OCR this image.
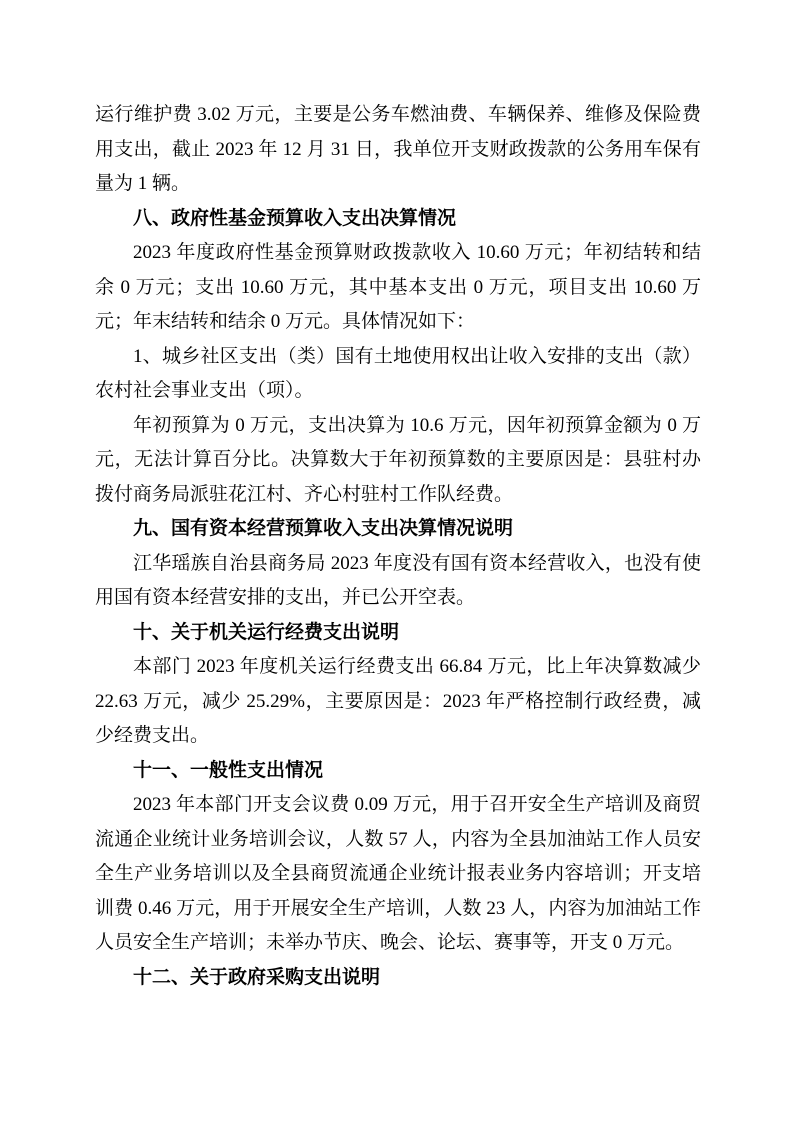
运行维护费 3.02 万元，主要是公务车燃油费、车辆保养、维修及保险费用支出，截止 2023 年 12 月 31 日，我单位开支财政拨款的公务用车保有量为 1 辆。

八、政府性基金预算收入支出决算情况

2023 年度政府性基金预算财政拨款收入 10.60 万元；年初结转和结余 0 万元；支出 10.60 万元，其中基本支出 0 万元，项目支出 10.60 万元；年末结转和结余 0 万元。具体情况如下：

1、城乡社区支出（类）国有土地使用权出让收入安排的支出（款）农村社会事业支出（项）。

年初预算为 0 万元，支出决算为 10.6 万元，因年初预算金额为 0 万元，无法计算百分比。决算数大于年初预算数的主要原因是：县驻村办拨付商务局派驻花江村、齐心村驻村工作队经费。

九、国有资本经营预算收入支出决算情况说明

江华瑶族自治县商务局 2023 年度没有国有资本经营收入，也没有使用国有资本经营安排的支出，并已公开空表。

十、关于机关运行经费支出说明

本部门 2023 年度机关运行经费支出 66.84 万元，比上年决算数减少 22.63 万元，减少 25.29%，主要原因是：2023 年严格控制行政经费，减少经费支出。

十一、一般性支出情况

2023 年本部门开支会议费 0.09 万元，用于召开安全生产培训及商贸流通企业统计业务培训会议，人数 57 人，内容为全县加油站工作人员安全生产业务培训以及全县商贸流通企业统计报表业务内容培训；开支培训费 0.46 万元，用于开展安全生产培训，人数 23 人，内容为加油站工作人员安全生产培训；未举办节庆、晚会、论坛、赛事等，开支 0 万元。

十二、关于政府采购支出说明
